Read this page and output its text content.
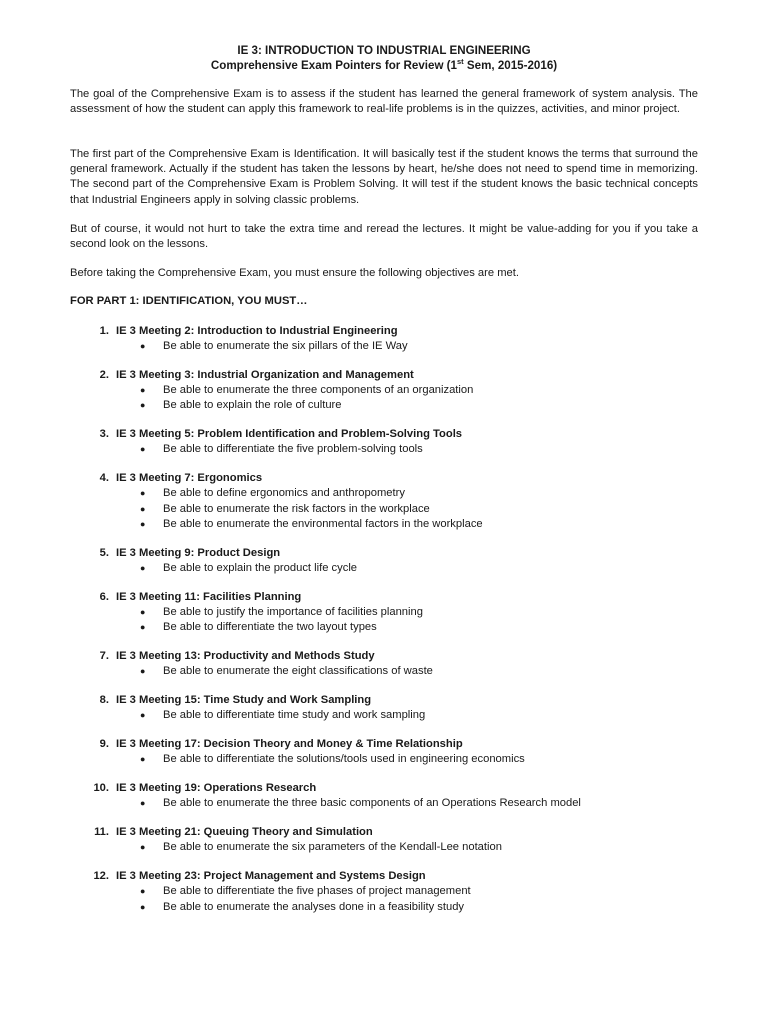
IE 3: INTRODUCTION TO INDUSTRIAL ENGINEERING

Comprehensive Exam Pointers for Review (1st Sem, 2015-2016)

The goal of the Comprehensive Exam is to assess if the student has learned the general framework of system analysis. The assessment of how the student can apply this framework to real-life problems is in the quizzes, activities, and minor project.

The first part of the Comprehensive Exam is Identification. It will basically test if the student knows the terms that surround the general framework. Actually if the student has taken the lessons by heart, he/she does not need to spend time in memorizing. The second part of the Comprehensive Exam is Problem Solving. It will test if the student knows the basic technical concepts that Industrial Engineers apply in solving classic problems.

But of course, it would not hurt to take the extra time and reread the lectures. It might be value-adding for you if you take a second look on the lessons.

Before taking the Comprehensive Exam, you must ensure the following objectives are met.

FOR PART 1: IDENTIFICATION, YOU MUST…

1. IE 3 Meeting 2: Introduction to Industrial Engineering
● Be able to enumerate the six pillars of the IE Way
2. IE 3 Meeting 3: Industrial Organization and Management
● Be able to enumerate the three components of an organization
● Be able to explain the role of culture
3. IE 3 Meeting 5: Problem Identification and Problem-Solving Tools
● Be able to differentiate the five problem-solving tools
4. IE 3 Meeting 7: Ergonomics
● Be able to define ergonomics and anthropometry
● Be able to enumerate the risk factors in the workplace
● Be able to enumerate the environmental factors in the workplace
5. IE 3 Meeting 9: Product Design
● Be able to explain the product life cycle
6. IE 3 Meeting 11: Facilities Planning
● Be able to justify the importance of facilities planning
● Be able to differentiate the two layout types
7. IE 3 Meeting 13: Productivity and Methods Study
● Be able to enumerate the eight classifications of waste
8. IE 3 Meeting 15: Time Study and Work Sampling
● Be able to differentiate time study and work sampling
9. IE 3 Meeting 17: Decision Theory and Money & Time Relationship
● Be able to differentiate the solutions/tools used in engineering economics
10. IE 3 Meeting 19: Operations Research
● Be able to enumerate the three basic components of an Operations Research model
11. IE 3 Meeting 21: Queuing Theory and Simulation
● Be able to enumerate the six parameters of the Kendall-Lee notation
12. IE 3 Meeting 23: Project Management and Systems Design
● Be able to differentiate the five phases of project management
● Be able to enumerate the analyses done in a feasibility study
